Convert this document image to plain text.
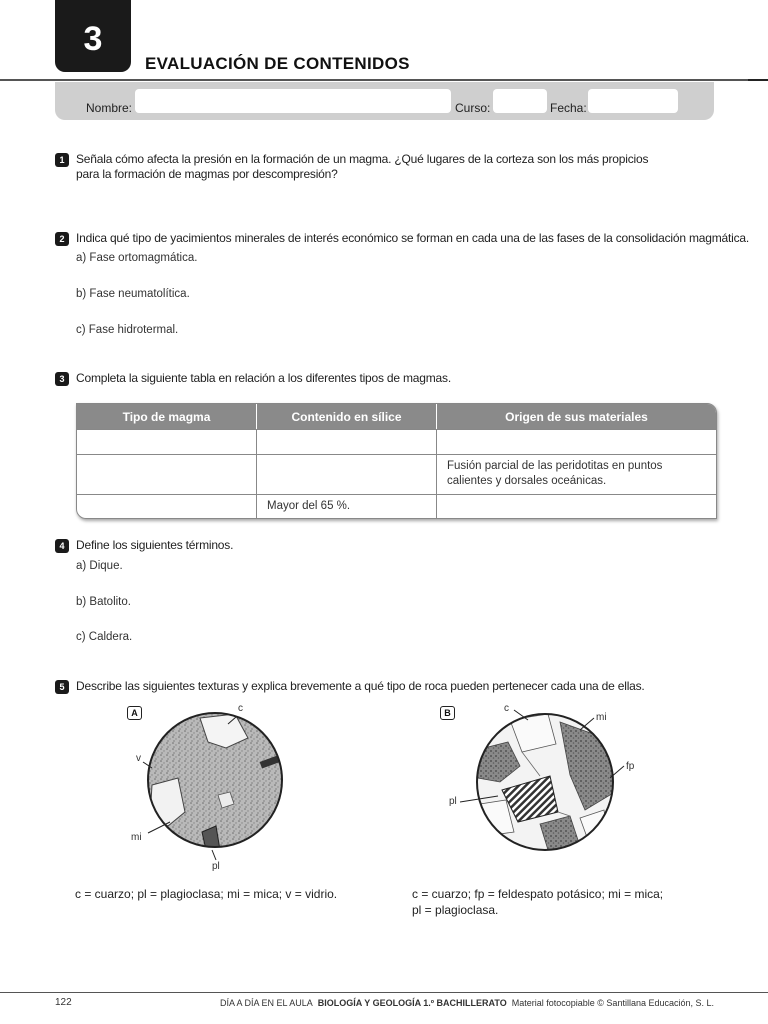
3
EVALUACIÓN DE CONTENIDOS
Nombre:	Curso:	Fecha:
1 Señala cómo afecta la presión en la formación de un magma. ¿Qué lugares de la corteza son los más propicios
para la formación de magmas por descompresión?
2 Indica qué tipo de yacimientos minerales de interés económico se forman en cada una de las fases de la consolidación magmática.
a) Fase ortomagmática.
b) Fase neumatolítica.
c) Fase hidrotermal.
3 Completa la siguiente tabla en relación a los diferentes tipos de magmas.
Tipo de magma	Contenido en sílice	Origen de sus materiales

		Fusión parcial de las peridotitas en puntos calientes y dorsales oceánicas.
	Mayor del 65 %.	
4 Define los siguientes términos.
a) Dique.
b) Batolito.
c) Caldera.
5 Describe las siguientes texturas y explica brevemente a qué tipo de roca pueden pertenecer cada una de ellas.
A	c
v
mi
pl
c = cuarzo; pl = plagioclasa; mi = mica; v = vidrio.
B	c
mi
fp
pl
c = cuarzo; fp = feldespato potásico; mi = mica;
pl = plagioclasa.
122	DÍA A DÍA EN EL AULA BIOLOGÍA Y GEOLOGÍA 1.º BACHILLERATO Material fotocopiable © Santillana Educación, S. L.
